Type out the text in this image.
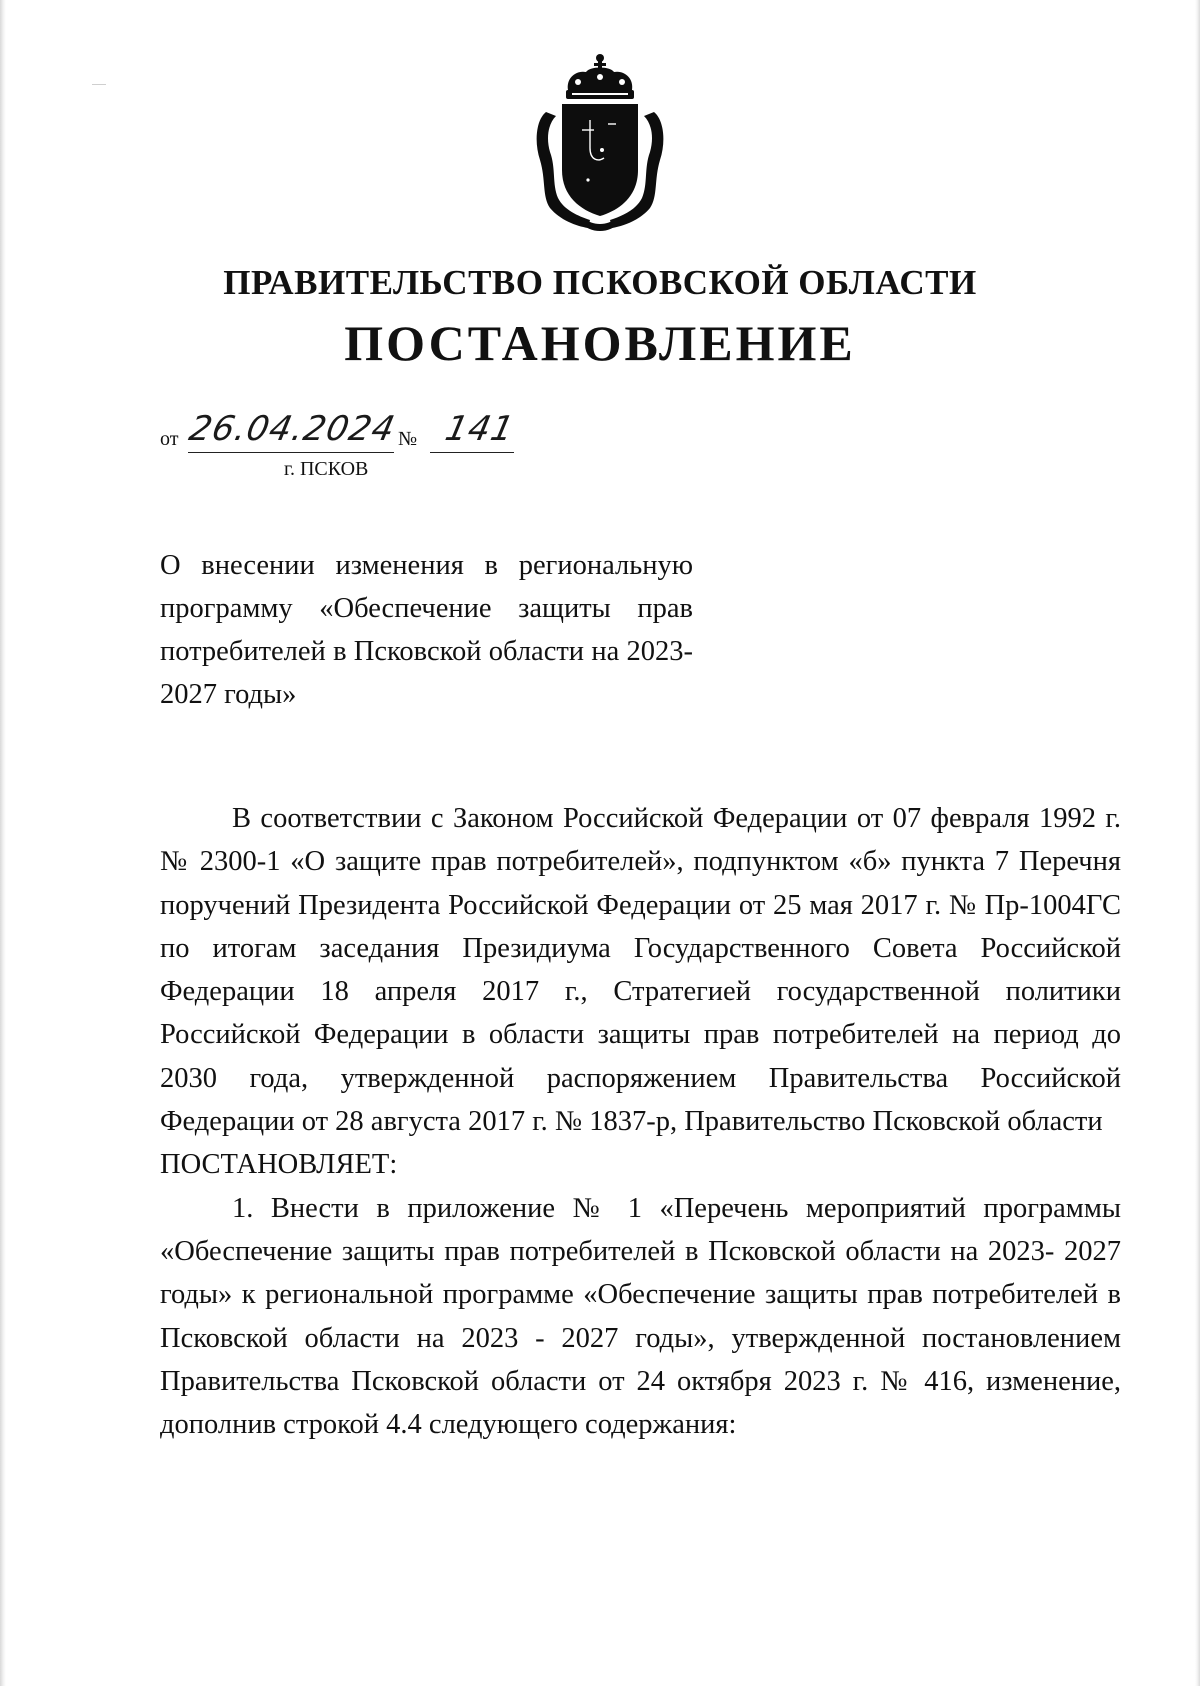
ПРАВИТЕЛЬСТВО ПСКОВСКОЙ ОБЛАСТИ
ПОСТАНОВЛЕНИЕ
от 26.04.2024 № 141
г. ПСКОВ
О внесении изменения в региональную программу «Обеспечение защиты прав потребителей в Псковской области на 2023-2027 годы»

В соответствии с Законом Российской Федерации от 07 февраля 1992 г. № 2300-1 «О защите прав потребителей», подпунктом «б» пункта 7 Перечня поручений Президента Российской Федерации от 25 мая 2017 г. № Пр-1004ГС по итогам заседания Президиума Государственного Совета Российской Федерации 18 апреля 2017 г., Стратегией государственной политики Российской Федерации в области защиты прав потребителей на период до 2030 года, утвержденной распоряжением Правительства Российской Федерации от 28 августа 2017 г. № 1837-р, Правительство Псковской области

ПОСТАНОВЛЯЕТ:

1. Внести в приложение № 1 «Перечень мероприятий программы «Обеспечение защиты прав потребителей в Псковской области на 2023- 2027 годы» к региональной программе «Обеспечение защиты прав потребителей в Псковской области на 2023 - 2027 годы», утвержденной постановлением Правительства Псковской области от 24 октября 2023 г. № 416, изменение, дополнив строкой 4.4 следующего содержания:
